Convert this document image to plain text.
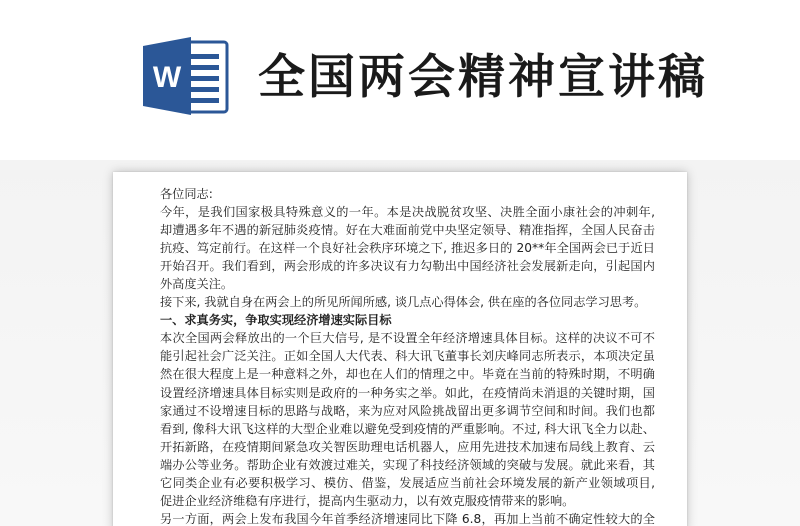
W 全国两会精神宣讲稿
各位同志:
今年，是我们国家极具特殊意义的一年。本是决战脱贫攻坚、决胜全面小康社会的冲刺年,
却遭遇多年不遇的新冠肺炎疫情。好在大难面前党中央坚定领导、精准指挥，全国人民奋击
抗疫、笃定前行。在这样一个良好社会秩序环境之下, 推迟多日的 20**年全国两会已于近日
开始召开。我们看到，两会形成的许多决议有力勾勒出中国经济社会发展新走向，引起国内
外高度关注。
接下来, 我就自身在两会上的所见所闻所感, 谈几点心得体会, 供在座的各位同志学习思考。
一、求真务实，争取实现经济增速实际目标
本次全国两会释放出的一个巨大信号, 是不设置全年经济增速具体目标。这样的决议不可不
能引起社会广泛关注。正如全国人大代表、科大讯飞董事长刘庆峰同志所表示，本项决定虽
然在很大程度上是一种意料之外，却也在人们的情理之中。毕竟在当前的特殊时期，不明确
设置经济增速具体目标实则是政府的一种务实之举。如此，在疫情尚未消退的关键时期，国
家通过不设增速目标的思路与战略，来为应对风险挑战留出更多调节空间和时间。我们也都
看到, 像科大讯飞这样的大型企业难以避免受到疫情的严重影响。不过, 科大讯飞全力以赴、
开拓新路，在疫情期间紧急攻关智医助理电话机器人，应用先进技术加速布局线上教育、云
端办公等业务。帮助企业有效渡过难关，实现了科技经济领域的突破与发展。就此来看，其
它同类企业有必要积极学习、模仿、借鉴，发展适应当前社会环境发展的新产业领域项目,
促进企业经济维稳有序进行，提高内生驱动力，以有效克服疫情带来的影响。
另一方面，两会上发布我国今年首季经济增速同比下降 6.8，再加上当前不确定性较大的全
